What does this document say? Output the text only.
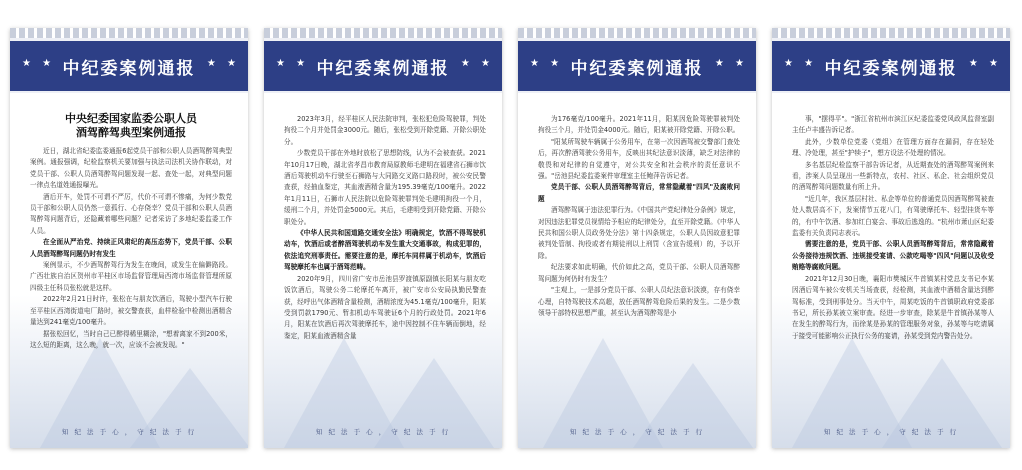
★ ★ 中纪委案例通报 ★ ★
中央纪委国家监委公职人员
酒驾醉驾典型案例通报

近日，湖北省纪委监委通报6起党员干部和公职人员酒驾醉驾典型案例。通报强调，纪检监察机关要加强与执法司法机关协作联动，对党员干部、公职人员酒驾醉驾问题发现一起、查处一起，对典型问题一律点名道姓通报曝光。

酒后开车，处罚不可谓不严厉，代价不可谓不惨痛，为何少数党员干部和公职人员仍然一意孤行、心存侥幸？党员干部和公职人员酒驾醉驾问题背后，还隐藏着哪些问题？记者采访了多地纪委监委工作人员。

在全面从严治党、持续正风肃纪的高压态势下，党员干部、公职人员酒驾醉驾问题仍时有发生

案例显示，不少酒驾醉驾行为发生在晚间，或发生在偏僻路段。广西壮族自治区贺州市平桂区市场监督管理局西湾市场监督管理所原四级主任科员张松就是这样。

2022年2月21日时许，张松在与朋友饮酒后，驾驶小型汽车行驶至平桂区西湾街道电厂路时，被交警查获，血样检验中检测出酒精含量达到241毫克/100毫升。

据张松回忆，当时自己已醉得稀里糊涂，"想着离家不到200米，这么短的距离，这么晚，就一次，应该不会被发现。"

知 纪 法 于 心 ， 守 纪 法 于 行
★ ★ 中纪委案例通报 ★ ★

2023年3月，经平桂区人民法院审判，张松犯危险驾驶罪，判处拘役二个月并处罚金3000元。随后，张松受到开除党籍、开除公职处分。

少数党员干部在外地时放松了思想防线，认为不会被查获。2021年10月17日晚，湖北省孝昌市教育局原教师毛建明在福建省石狮市饮酒后驾驶机动车行驶至石狮路与大同路交叉路口路段时，被公安民警查获，经抽血鉴定，其血液酒精含量为195.39毫克/100毫升。2022年1月11日，石狮市人民法院以危险驾驶罪判处毛建明拘役一个月，缓刑二个月，并处罚金5000元。其后，毛建明受到开除党籍、开除公职处分。

《中华人民共和国道路交通安全法》明确规定，饮酒不得驾驶机动车，饮酒后或者醉酒驾驶机动车发生重大交通事故，构成犯罪的，依法追究刑事责任。需要注意的是，摩托车同样属于机动车，饮酒后驾驶摩托车也属于酒驾范畴。

2020年9月，四川省广安市岳池县罗渡镇原副镇长阳某与朋友吃饭饮酒后，驾驶公务二轮摩托车离开，被广安市公安局执勤民警查获，经呼出气体酒精含量检测，酒精浓度为45.1毫克/100毫升，阳某受到罚款1790元、暂扣机动车驾驶证6个月的行政处罚。2021年6月，阳某在饮酒后再次驾驶摩托车，途中因控制不住车辆而倒地，经鉴定，阳某血液酒精含量

知 纪 法 于 心 ， 守 纪 法 于 行
★ ★ 中纪委案例通报 ★ ★

为176毫克/100毫升。2021年11月，阳某因危险驾驶罪被判处拘役三个月，并处罚金4000元。随后，阳某被开除党籍、开除公职。

"阳某所驾驶车辆属于公务用车，在第一次因酒驾被交警部门查处后，再次醉酒驾驶公务用车，反映出其纪法意识淡薄，缺乏对法律的敬畏和对纪律的自觉遵守，对公共安全和社会秩序的责任意识不强。"岳池县纪委监委案件审理室主任鲍萍告诉记者。

党员干部、公职人员酒驾醉驾背后，常常隐藏着"四风"及腐败问题

酒驾醉驾属于违法犯罪行为。《中国共产党纪律处分条例》规定，对因违法犯罪党员视情给予相应的纪律处分，直至开除党籍。《中华人民共和国公职人员政务处分法》第十四条规定，公职人员因故意犯罪被判处管制、拘役或者有期徒刑以上刑罚（含宣告缓刑）的，予以开除。

纪法要求如此明确，代价如此之高，党员干部、公职人员酒驾醉驾问题为何仍时有发生？

"主观上，一是部分党员干部、公职人员纪法意识淡漠，存有侥幸心理，自特驾驶技术高超，放任酒驾醉驾危险后果的发生。二是少数领导干部特权思想严重，甚至认为酒驾醉驾是小

知 纪 法 于 心 ， 守 纪 法 于 行
★ ★ 中纪委案例通报 ★ ★

事，"摆得平"。"浙江省杭州市滨江区纪委监委党风政风监督室副主任卢丰盛告诉记者。

此外，少数单位党委（党组）在管理方面存在漏洞，存在轻处理、冷处理，甚至"护犊子"，想方设法不处理的情况。

多名基层纪检监察干部告诉记者，从近期查处的酒驾醉驾案例来看，涉案人员呈现出一些新特点，农村、社区、私企、社会组织党员的酒驾醉驾问题数量有所上升。

"近几年，我区基层村社、私企等单位的普通党员因酒驾醉驾被查处人数居高不下，发案情节五花八门，有驾驶摩托车、轻型挂货车等的，有中午饮酒、参加红白宴会、事故后逃逸的。"杭州市萧山区纪委监委有关负责同志表示。

需要注意的是，党员干部、公职人员酒驾醉驾背后，常常隐藏着公务接待违规饮酒、违规接受宴请、公款吃喝等"四风"问题以及收受贿赂等腐败问题。

2021年12月30日晚，襄阳市樊城区牛首镇某村党总支书记李某因酒后驾车被公安机关当场查获，经检测，其血液中酒精含量达到醉驾标准，受到刑事处分。当天中午，周某吃饭的牛首镇职政府党委部书记，所长孙某被立案审查。经进一步审查，除某是牛首镇孙某等人在发生的醉驾行为，而徐某是孙某的管理服务对象，孙某等与吃请属于接受可能影响公正执行公务的宴请，孙某受到党内警告处分。

知 纪 法 于 心 ， 守 纪 法 于 行
